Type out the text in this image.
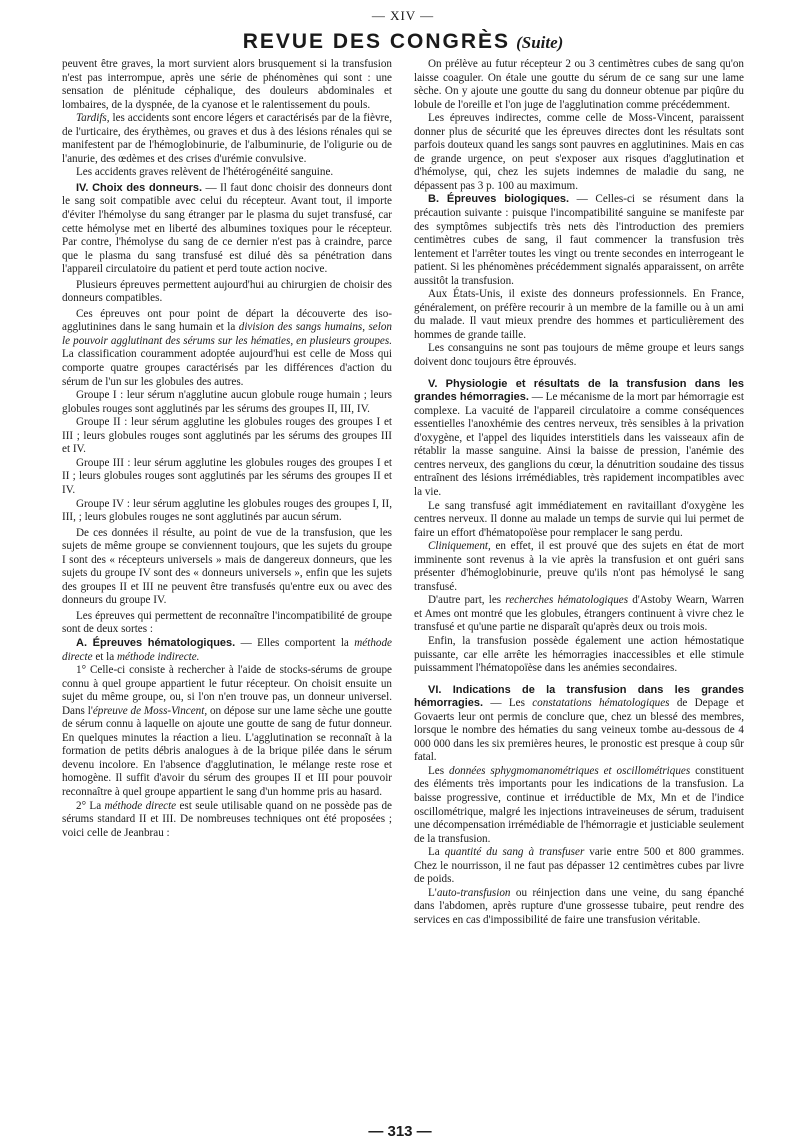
— XIV —
REVUE DES CONGRÈS (Suite)

peuvent être graves, la mort survient alors brusquement si la transfusion n'est pas interrompue, après une série de phénomènes qui sont : une sensation de plénitude céphalique, des douleurs abdominales et lombaires, de la dyspnée, de la cyanose et le ralentissement du pouls.

Tardifs, les accidents sont encore légers et caractérisés par de la fièvre, de l'urticaire, des érythèmes, ou graves et dus à des lésions rénales qui se manifestent par de l'hémoglobinurie, de l'albuminurie, de l'oligurie ou de l'anurie, des œdèmes et des crises d'urémie convulsive.

Les accidents graves relèvent de l'hétérogénéité sanguine.

IV. Choix des donneurs. — Il faut donc choisir des donneurs dont le sang soit compatible avec celui du récepteur. Avant tout, il importe d'éviter l'hémolyse du sang étranger par le plasma du sujet transfusé, car cette hémolyse met en liberté des albumines toxiques pour le récepteur. Par contre, l'hémolyse du sang de ce dernier n'est pas à craindre, parce que le plasma du sang transfusé est dilué dès sa pénétration dans l'appareil circulatoire du patient et perd toute action nocive.

Plusieurs épreuves permettent aujourd'hui au chirurgien de choisir des donneurs compatibles.

Ces épreuves ont pour point de départ la découverte des iso-agglutinines dans le sang humain et la division des sangs humains, selon le pouvoir agglutinant des sérums sur les hématies, en plusieurs groupes. La classification couramment adoptée aujourd'hui est celle de Moss qui comporte quatre groupes caractérisés par les différences d'action du sérum de l'un sur les globules des autres.

Groupe I : leur sérum n'agglutine aucun globule rouge humain ; leurs globules rouges sont agglutinés par les sérums des groupes II, III, IV.

Groupe II : leur sérum agglutine les globules rouges des groupes I et III ; leurs globules rouges sont agglutinés par les sérums des groupes III et IV.

Groupe III : leur sérum agglutine les globules rouges des groupes I et II ; leurs globules rouges sont agglutinés par les sérums des groupes II et IV.

Groupe IV : leur sérum agglutine les globules rouges des groupes I, II, III, ; leurs globules rouges ne sont agglutinés par aucun sérum.

De ces données il résulte, au point de vue de la transfusion, que les sujets de même groupe se conviennent toujours, que les sujets du groupe I sont des « récepteurs universels » mais de dangereux donneurs, que les sujets du groupe IV sont des « donneurs universels », enfin que les sujets des groupes II et III ne peuvent être transfusés qu'entre eux ou avec des donneurs du groupe IV.

Les épreuves qui permettent de reconnaître l'incompatibilité de groupe sont de deux sortes :

A. Épreuves hématologiques. — Elles comportent la méthode directe et la méthode indirecte.

1° Celle-ci consiste à rechercher à l'aide de stocks-sérums de groupe connu à quel groupe appartient le futur récepteur. On choisit ensuite un sujet du même groupe, ou, si l'on n'en trouve pas, un donneur universel. Dans l'épreuve de Moss-Vincent, on dépose sur une lame sèche une goutte de sérum connu à laquelle on ajoute une goutte de sang de futur donneur. En quelques minutes la réaction a lieu. L'agglutination se reconnaît à la formation de petits débris analogues à de la brique pilée dans le sérum devenu incolore. En l'absence d'agglutination, le mélange reste rose et homogène. Il suffit d'avoir du sérum des groupes II et III pour pouvoir reconnaître à quel groupe appartient le sang d'un homme pris au hasard.

2° La méthode directe est seule utilisable quand on ne possède pas de sérums standard II et III. De nombreuses techniques ont été proposées ; voici celle de Jeanbrau :

On prélève au futur récepteur 2 ou 3 centimètres cubes de sang qu'on laisse coaguler. On étale une goutte du sérum de ce sang sur une lame sèche. On y ajoute une goutte du sang du donneur obtenue par piqûre du lobule de l'oreille et l'on juge de l'agglutination comme précédemment.

Les épreuves indirectes, comme celle de Moss-Vincent, paraissent donner plus de sécurité que les épreuves directes dont les résultats sont parfois douteux quand les sangs sont pauvres en agglutinines. Mais en cas de grande urgence, on peut s'exposer aux risques d'agglutination et d'hémolyse, qui, chez les sujets indemnes de maladie du sang, ne dépassent pas 3 p. 100 au maximum.

B. Épreuves biologiques. — Celles-ci se résument dans la précaution suivante : puisque l'incompatibilité sanguine se manifeste par des symptômes subjectifs très nets dès l'introduction des premiers centimètres cubes de sang, il faut commencer la transfusion très lentement et l'arrêter toutes les vingt ou trente secondes en interrogeant le patient. Si les phénomènes précédemment signalés apparaissent, on arrête aussitôt la transfusion.

Aux États-Unis, il existe des donneurs professionnels. En France, généralement, on préfère recourir à un membre de la famille ou à un ami du malade. Il vaut mieux prendre des hommes et particulièrement des hommes de grande taille.

Les consanguins ne sont pas toujours de même groupe et leurs sangs doivent donc toujours être éprouvés.

V. Physiologie et résultats de la transfusion dans les grandes hémorragies. — Le mécanisme de la mort par hémorragie est complexe. La vacuité de l'appareil circulatoire a comme conséquences essentielles l'anoxhémie des centres nerveux, très sensibles à la privation d'oxygène, et l'appel des liquides interstitiels dans les vaisseaux afin de rétablir la masse sanguine. Ainsi la baisse de pression, l'anémie des centres nerveux, des ganglions du cœur, la dénutrition soudaine des tissus entraînent des lésions irrémédiables, très rapidement incompatibles avec la vie.

Le sang transfusé agit immédiatement en ravitaillant d'oxygène les centres nerveux. Il donne au malade un temps de survie qui lui permet de faire un effort d'hématopoïèse pour remplacer le sang perdu.

Cliniquement, en effet, il est prouvé que des sujets en état de mort imminente sont revenus à la vie après la transfusion et ont guéri sans présenter d'hémoglobinurie, preuve qu'ils n'ont pas hémolysé le sang transfusé.

D'autre part, les recherches hématologiques d'Astoby Wearn, Warren et Ames ont montré que les globules, étrangers continuent à vivre chez le transfusé et qu'une partie ne disparaît qu'après deux ou trois mois.

Enfin, la transfusion possède également une action hémostatique puissante, car elle arrête les hémorragies inaccessibles et elle stimule puissamment l'hématopoïèse dans les anémies secondaires.

VI. Indications de la transfusion dans les grandes hémorragies. — Les constatations hématologiques de Depage et Govaerts leur ont permis de conclure que, chez un blessé des membres, lorsque le nombre des hématies du sang veineux tombe au-dessous de 4 000 000 dans les six premières heures, le pronostic est presque à coup sûr fatal.

Les données sphygmomanométriques et oscillométriques constituent des éléments très importants pour les indications de la transfusion. La baisse progressive, continue et irréductible de Mx, Mn et de l'indice oscillométrique, malgré les injections intraveineuses de sérum, traduisent une décompensation irrémédiable de l'hémorragie et justiciable seulement de la transfusion.

La quantité du sang à transfuser varie entre 500 et 800 grammes. Chez le nourrisson, il ne faut pas dépasser 12 centimètres cubes par livre de poids.

L'auto-transfusion ou réinjection dans une veine, du sang épanché dans l'abdomen, après rupture d'une grossesse tubaire, peut rendre des services en cas d'impossibilité de faire une transfusion véritable.

— 313 —
